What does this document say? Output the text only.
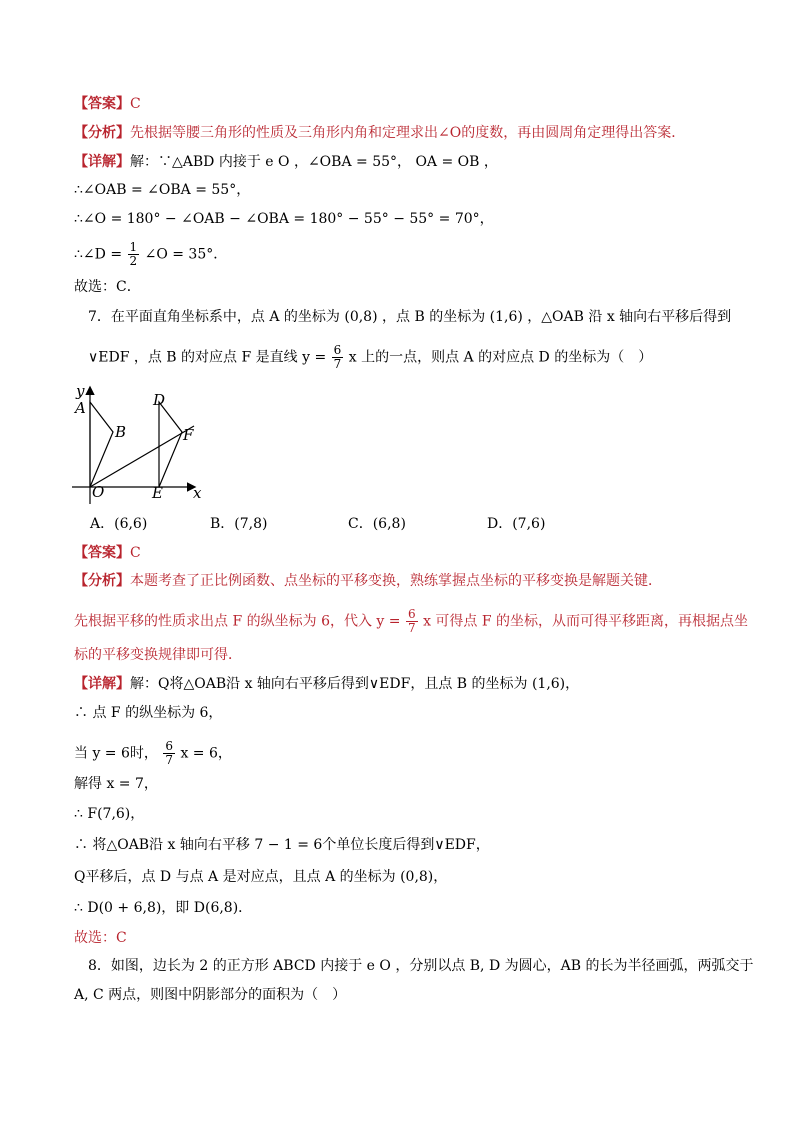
【答案】C
【分析】先根据等腰三角形的性质及三角形内角和定理求出∠O的度数，再由圆周角定理得出答案．
【详解】解：∵△ABD 内接于 e O ，∠OBA = 55°， OA = OB ，
∴∠OAB = ∠OBA = 55°，
∴∠O = 180° − ∠OAB − ∠OBA = 180° − 55° − 55° = 70°，
∴∠D = $\frac{1}{2}$ ∠O = 35°．
故选：C．
7．在平面直角坐标系中，点 A 的坐标为 (0,8) ，点 B 的坐标为 (1,6) ，△OAB 沿 x 轴向右平移后得到
∨EDF ，点 B 的对应点 F 是直线 $y = \frac{6}{7}$ x 上的一点，则点 A 的对应点 D 的坐标为（　）
y
A
B
O
D
E
F
x
A．(6,6)	B．(7,8)	C．(6,8)	D．(7,6)
【答案】C
【分析】本题考查了正比例函数、点坐标的平移变换，熟练掌握点坐标的平移变换是解题关键．
先根据平移的性质求出点 F 的纵坐标为 6，代入 $y = \frac{6}{7}$ x 可得点 F 的坐标，从而可得平移距离，再根据点坐
标的平移变换规律即可得．
【详解】解：Q将△OAB沿 x 轴向右平移后得到∨EDF，且点 B 的坐标为 (1,6)，
∴ 点 F 的纵坐标为 6，
当 y = 6时， $\frac{6}{7}$ x = 6，
解得 x = 7，
∴ F(7,6)，
∴ 将△OAB沿 x 轴向右平移 7 − 1 = 6个单位长度后得到∨EDF，
Q平移后，点 D 与点 A 是对应点，且点 A 的坐标为 (0,8)，
∴ D(0 + 6,8)，即 D(6,8)．
故选：C
8．如图，边长为 2 的正方形 ABCD 内接于 e O ，分别以点 B, D 为圆心，AB 的长为半径画弧，两弧交于
A, C 两点，则图中阴影部分的面积为（　）
